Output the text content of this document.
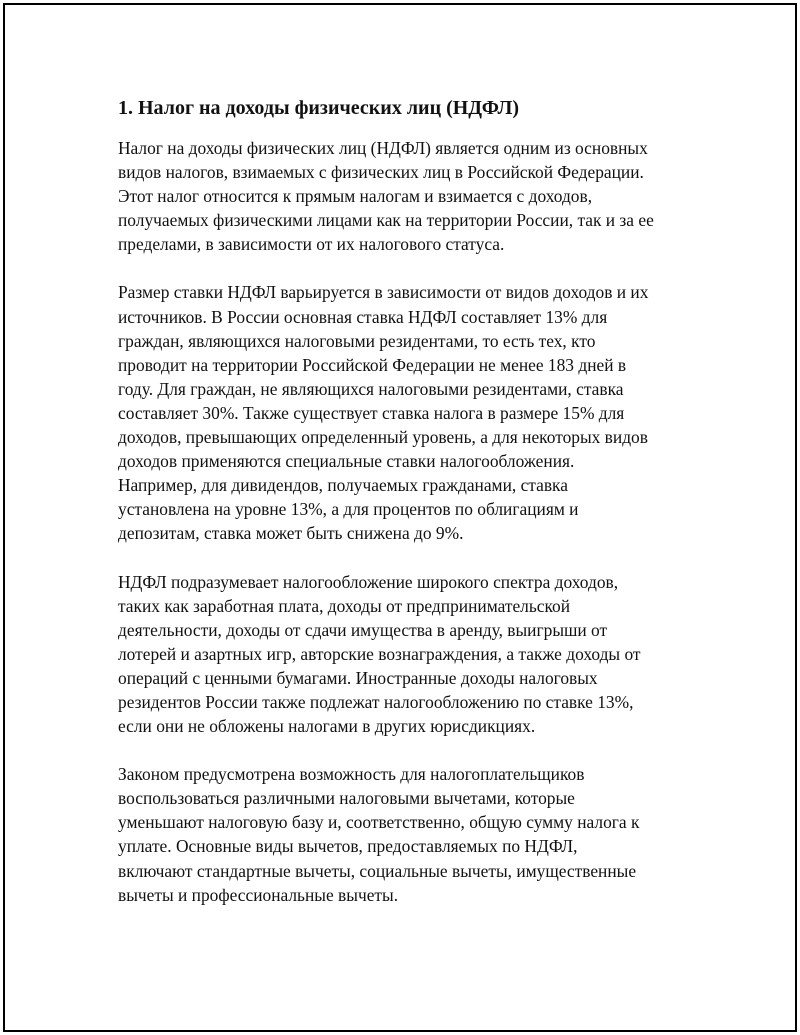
1. Налог на доходы физических лиц (НДФЛ)

Налог на доходы физических лиц (НДФЛ) является одним из основных
видов налогов, взимаемых с физических лиц в Российской Федерации.
Этот налог относится к прямым налогам и взимается с доходов,
получаемых физическими лицами как на территории России, так и за ее
пределами, в зависимости от их налогового статуса.

Размер ставки НДФЛ варьируется в зависимости от видов доходов и их
источников. В России основная ставка НДФЛ составляет 13% для
граждан, являющихся налоговыми резидентами, то есть тех, кто
проводит на территории Российской Федерации не менее 183 дней в
году. Для граждан, не являющихся налоговыми резидентами, ставка
составляет 30%. Также существует ставка налога в размере 15% для
доходов, превышающих определенный уровень, а для некоторых видов
доходов применяются специальные ставки налогообложения.
Например, для дивидендов, получаемых гражданами, ставка
установлена на уровне 13%, а для процентов по облигациям и
депозитам, ставка может быть снижена до 9%.

НДФЛ подразумевает налогообложение широкого спектра доходов,
таких как заработная плата, доходы от предпринимательской
деятельности, доходы от сдачи имущества в аренду, выигрыши от
лотерей и азартных игр, авторские вознаграждения, а также доходы от
операций с ценными бумагами. Иностранные доходы налоговых
резидентов России также подлежат налогообложению по ставке 13%,
если они не обложены налогами в других юрисдикциях.

Законом предусмотрена возможность для налогоплательщиков
воспользоваться различными налоговыми вычетами, которые
уменьшают налоговую базу и, соответственно, общую сумму налога к
уплате. Основные виды вычетов, предоставляемых по НДФЛ,
включают стандартные вычеты, социальные вычеты, имущественные
вычеты и профессиональные вычеты.
